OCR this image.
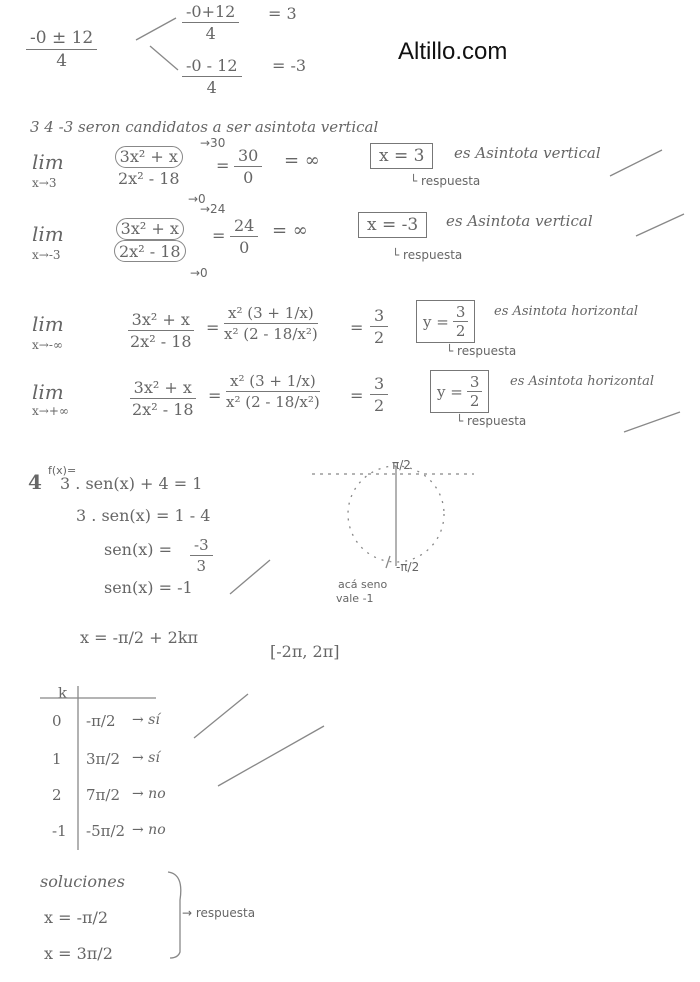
Altillo.com
$\frac{-0 \pm 12}{4}$
$\frac{-0+12}{4} = 3$
$\frac{-0 - 12}{4} = -3$
3 4 -3 seron candidatos a ser asintota vertical
lim
x→3	$\frac{\text{3x² + x}}{\text{2x² - 18}}$
→30
→0
= $\frac{30}{0}$ = ∞	x = 3	es Asintota vertical
└ respuesta
lim
x→-3	$\frac{\text{3x² + x}}{\text{2x² - 18}}$
→24
→0
= $\frac{24}{0}$ = ∞	x = -3	es Asintota vertical
└ respuesta
lim
x→-∞	$\frac{\text{3x² + x}}{\text{2x² - 18}} = \frac{\text{x² (3 + 1/x)}}{\text{x² (2 - 18/x²)}} = \frac{3}{2}$ $y = \frac{3}{2}$ es Asintota horizontal
└ respuesta
lim
x→+∞	$\frac{\text{3x² + x}}{\text{2x² - 18}} = \frac{\text{x² (3 + 1/x)}}{\text{x² (2 - 18/x²)}} = \frac{3}{2}$	$y = \frac{3}{2}$ es Asintota horizontal
└ respuesta
4 f(x)=
3 . sen(x) + 4 = 1
3 . sen(x) = 1 - 4
$sen(x) = \frac{-3}{3}$
sen(x) = -1
π/2
-π/2
acá seno
vale -1
x = -π/2 + 2kπ
[-2π, 2π]
k
0 -π/2 → sí
1 3π/2 → sí
2 7π/2 → no
-1 -5π/2 → no
soluciones
x = -π/2
x = 3π/2
→ respuesta
